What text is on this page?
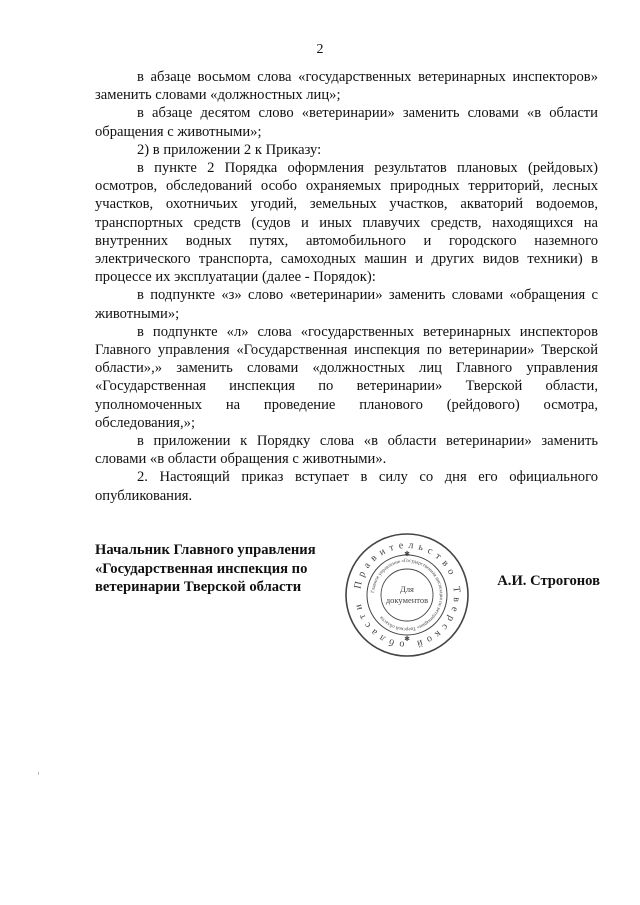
2

в абзаце восьмом слова «государственных ветеринарных инспекторов» заменить словами «должностных лиц»;

в абзаце десятом слово «ветеринарии» заменить словами «в области обращения с животными»;

2) в приложении 2 к Приказу:

в пункте 2 Порядка оформления результатов плановых (рейдовых) осмотров, обследований особо охраняемых природных территорий, лесных участков, охотничьих угодий, земельных участков, акваторий водоемов, транспортных средств (судов и иных плавучих средств, находящихся на внутренних водных путях, автомобильного и городского наземного электрического транспорта, самоходных машин и других видов техники) в процессе их эксплуатации (далее - Порядок):

в подпункте «з» слово «ветеринарии» заменить словами «обращения с животными»;

в подпункте «л» слова «государственных ветеринарных инспекторов Главного управления «Государственная инспекция по ветеринарии» Тверской области»,» заменить словами «должностных лиц Главного управления «Государственная инспекция по ветеринарии» Тверской области, уполномоченных на проведение планового (рейдового) осмотра, обследования,»;

в приложении к Порядку слова «в области ветеринарии» заменить словами «в области обращения с животными».

2. Настоящий приказ вступает в силу со дня его официального опубликования.

Начальник Главного управления
«Государственная инспекция по
ветеринарии Тверской области	Правительство Тверской области
Главное управление «Государственная инспекция по ветеринарии» Тверской области
Для
документов
✱
✱
А.И. Строгонов
